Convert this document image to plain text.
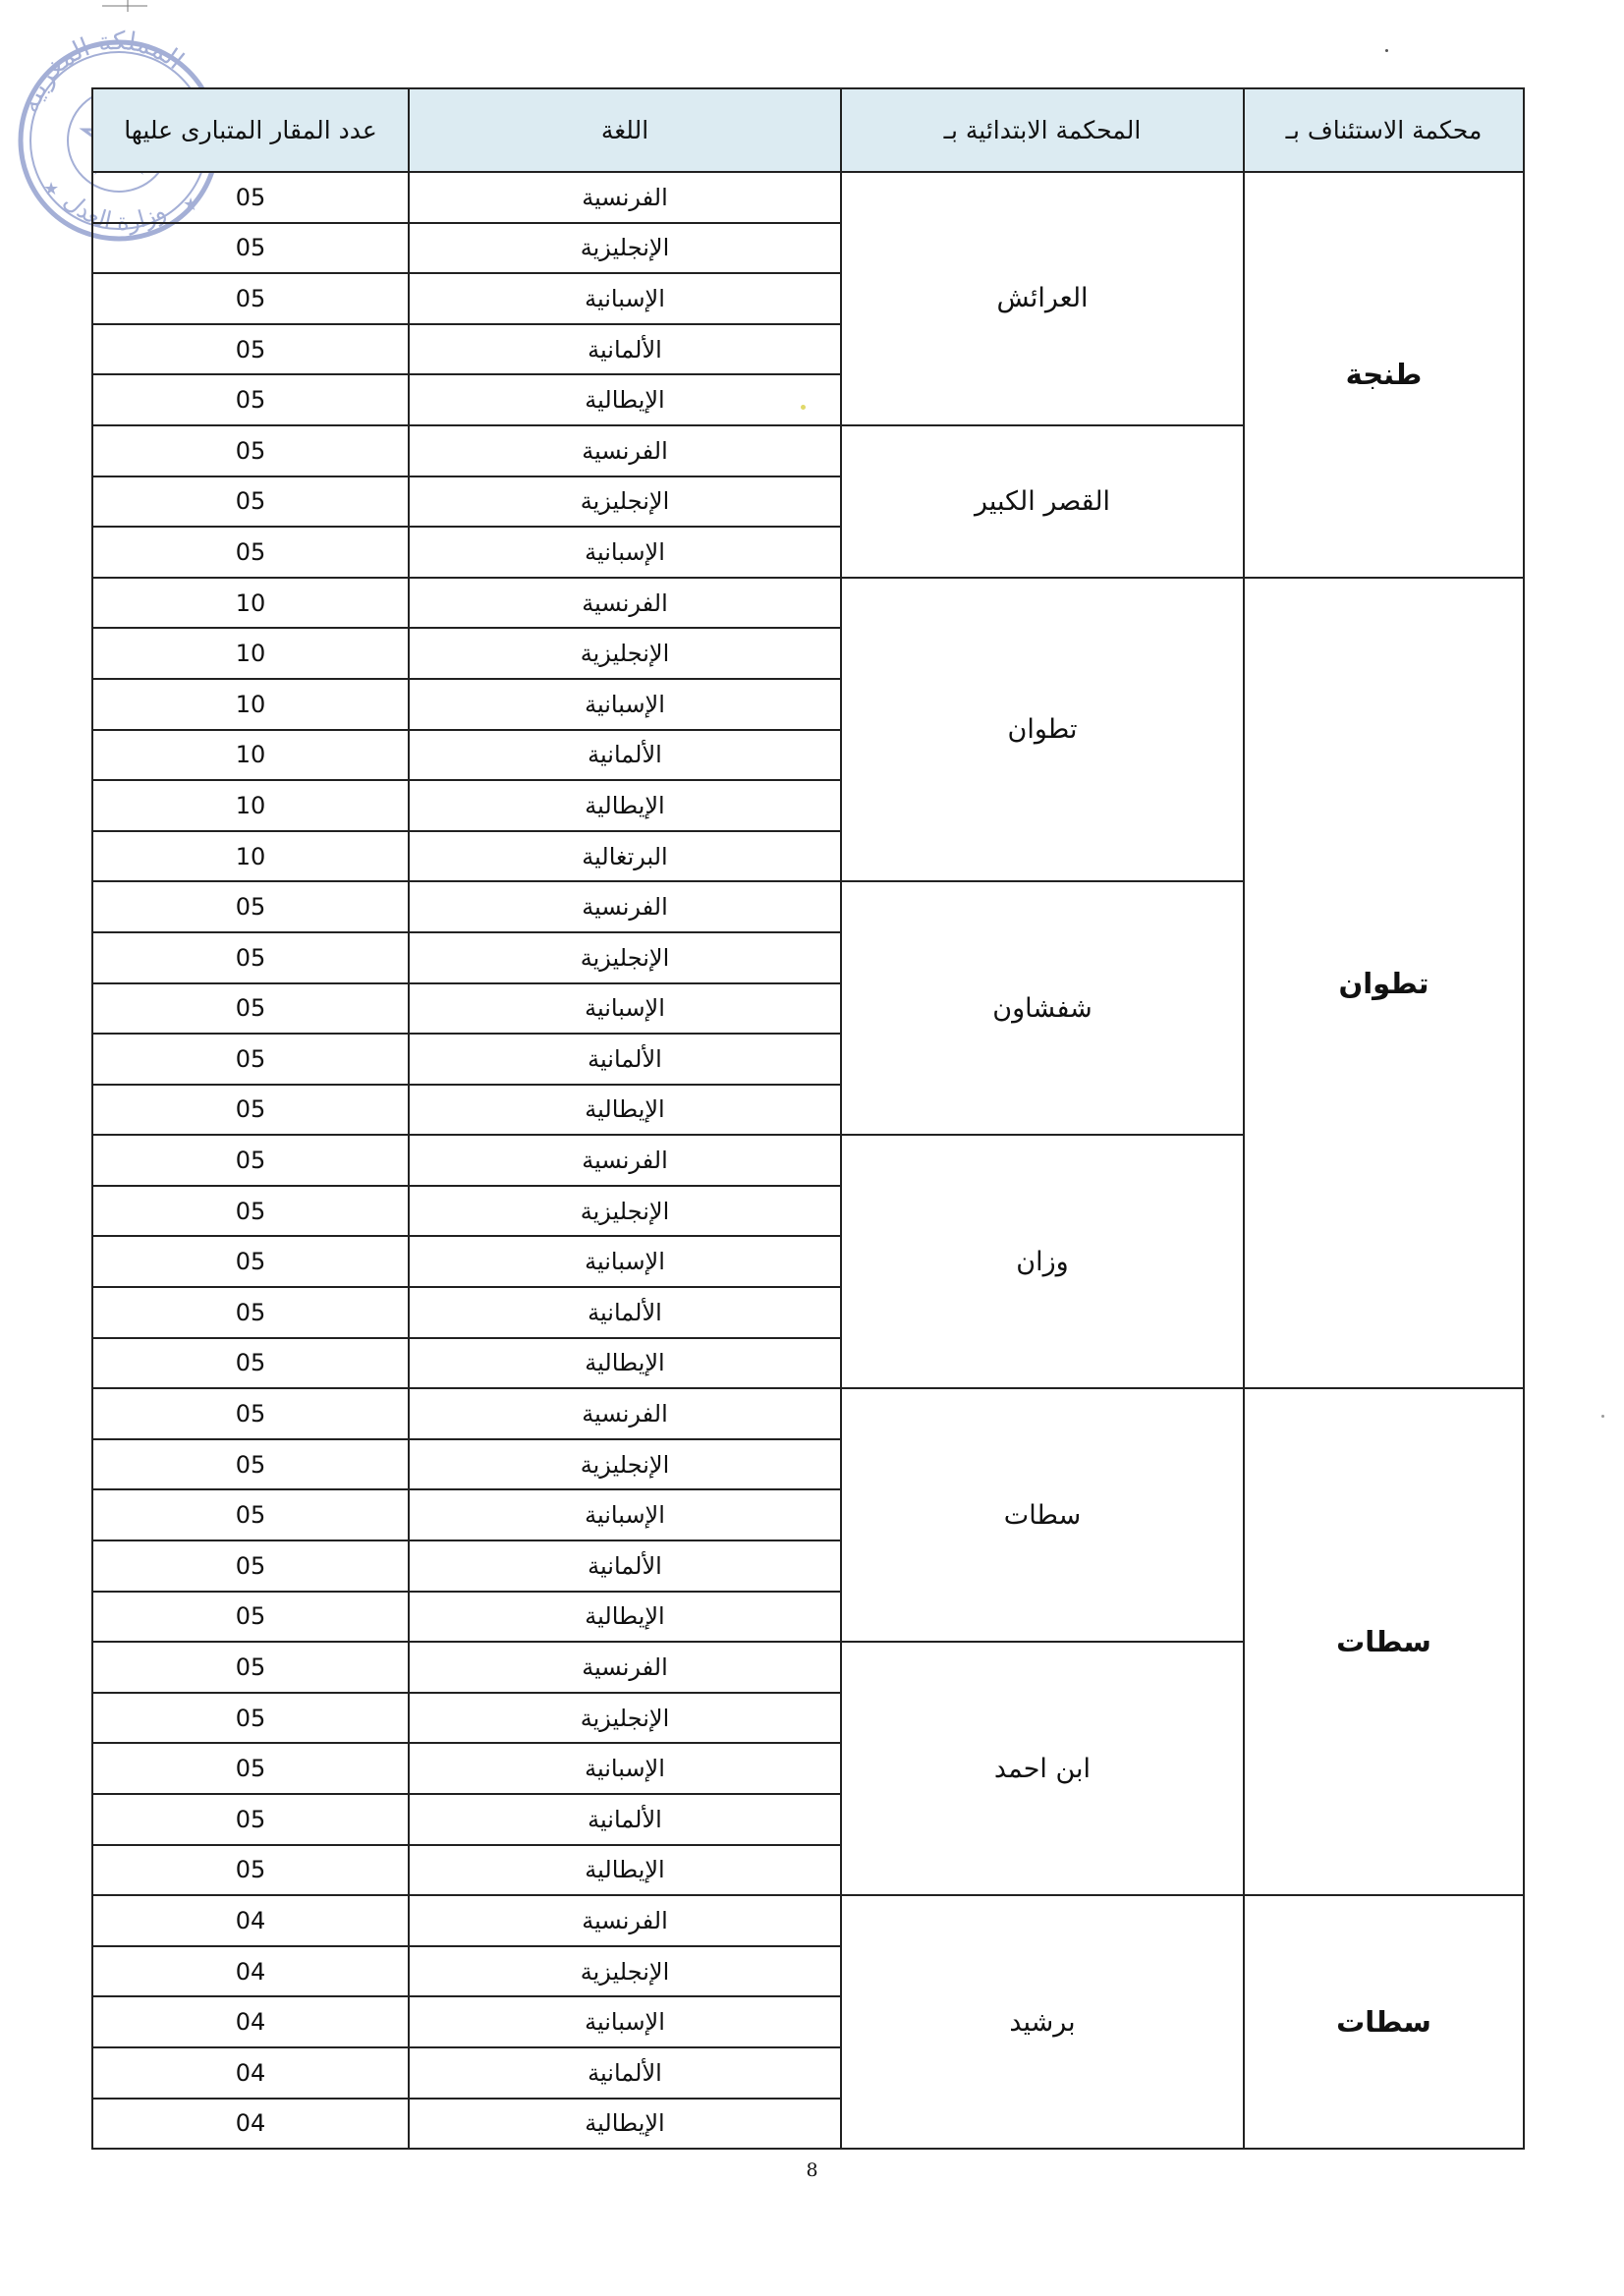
المملكة المغربية
وزارة العدل
★
★
محكمة الاستئناف بـ	المحكمة الابتدائية بـ	اللغة	عدد المقار المتبارى عليها
طنجة	العرائش	الفرنسية	05
		الإنجليزية	05
		الإسبانية	05
		الألمانية	05
		الإيطالية	05
	القصر الكبير	الفرنسية	05
		الإنجليزية	05
		الإسبانية	05
تطوان	تطوان	الفرنسية	10
		الإنجليزية	10
		الإسبانية	10
		الألمانية	10
		الإيطالية	10
		البرتغالية	10
	شفشاون	الفرنسية	05
		الإنجليزية	05
		الإسبانية	05
		الألمانية	05
		الإيطالية	05
	وزان	الفرنسية	05
		الإنجليزية	05
		الإسبانية	05
		الألمانية	05
		الإيطالية	05
سطات	سطات	الفرنسية	05
		الإنجليزية	05
		الإسبانية	05
		الألمانية	05
		الإيطالية	05
	ابن احمد	الفرنسية	05
		الإنجليزية	05
		الإسبانية	05
		الألمانية	05
		الإيطالية	05
سطات	برشيد	الفرنسية	04
		الإنجليزية	04
		الإسبانية	04
		الألمانية	04
		الإيطالية	04
8
